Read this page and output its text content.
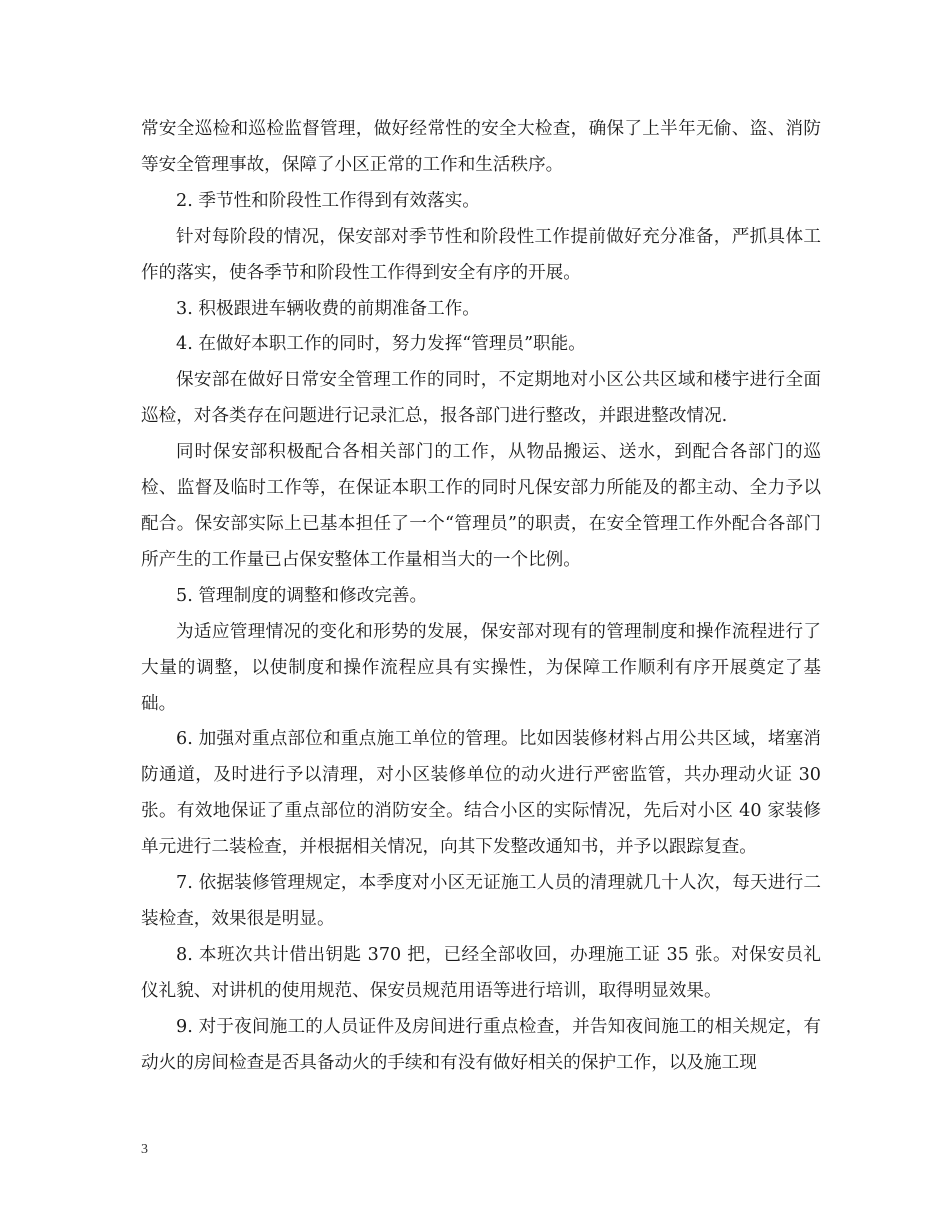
常安全巡检和巡检监督管理，做好经常性的安全大检查，确保了上半年无偷、盗、消防等安全管理事故，保障了小区正常的工作和生活秩序。

2. 季节性和阶段性工作得到有效落实。

针对每阶段的情况，保安部对季节性和阶段性工作提前做好充分准备，严抓具体工作的落实，使各季节和阶段性工作得到安全有序的开展。

3. 积极跟进车辆收费的前期准备工作。

4. 在做好本职工作的同时，努力发挥“管理员”职能。

保安部在做好日常安全管理工作的同时，不定期地对小区公共区域和楼宇进行全面巡检，对各类存在问题进行记录汇总，报各部门进行整改，并跟进整改情况.

同时保安部积极配合各相关部门的工作，从物品搬运、送水，到配合各部门的巡检、监督及临时工作等，在保证本职工作的同时凡保安部力所能及的都主动、全力予以配合。保安部实际上已基本担任了一个“管理员”的职责，在安全管理工作外配合各部门所产生的工作量已占保安整体工作量相当大的一个比例。

5. 管理制度的调整和修改完善。

为适应管理情况的变化和形势的发展，保安部对现有的管理制度和操作流程进行了大量的调整，以使制度和操作流程应具有实操性，为保障工作顺利有序开展奠定了基础。

6. 加强对重点部位和重点施工单位的管理。比如因装修材料占用公共区域，堵塞消防通道，及时进行予以清理，对小区装修单位的动火进行严密监管，共办理动火证 30 张。有效地保证了重点部位的消防安全。结合小区的实际情况，先后对小区 40 家装修单元进行二装检查，并根据相关情况，向其下发整改通知书，并予以跟踪复查。

7. 依据装修管理规定，本季度对小区无证施工人员的清理就几十人次，每天进行二装检查，效果很是明显。

8. 本班次共计借出钥匙 370 把，已经全部收回，办理施工证 35 张。对保安员礼仪礼貌、对讲机的使用规范、保安员规范用语等进行培训，取得明显效果。

9. 对于夜间施工的人员证件及房间进行重点检查，并告知夜间施工的相关规定，有动火的房间检查是否具备动火的手续和有没有做好相关的保护工作，以及施工现

3
